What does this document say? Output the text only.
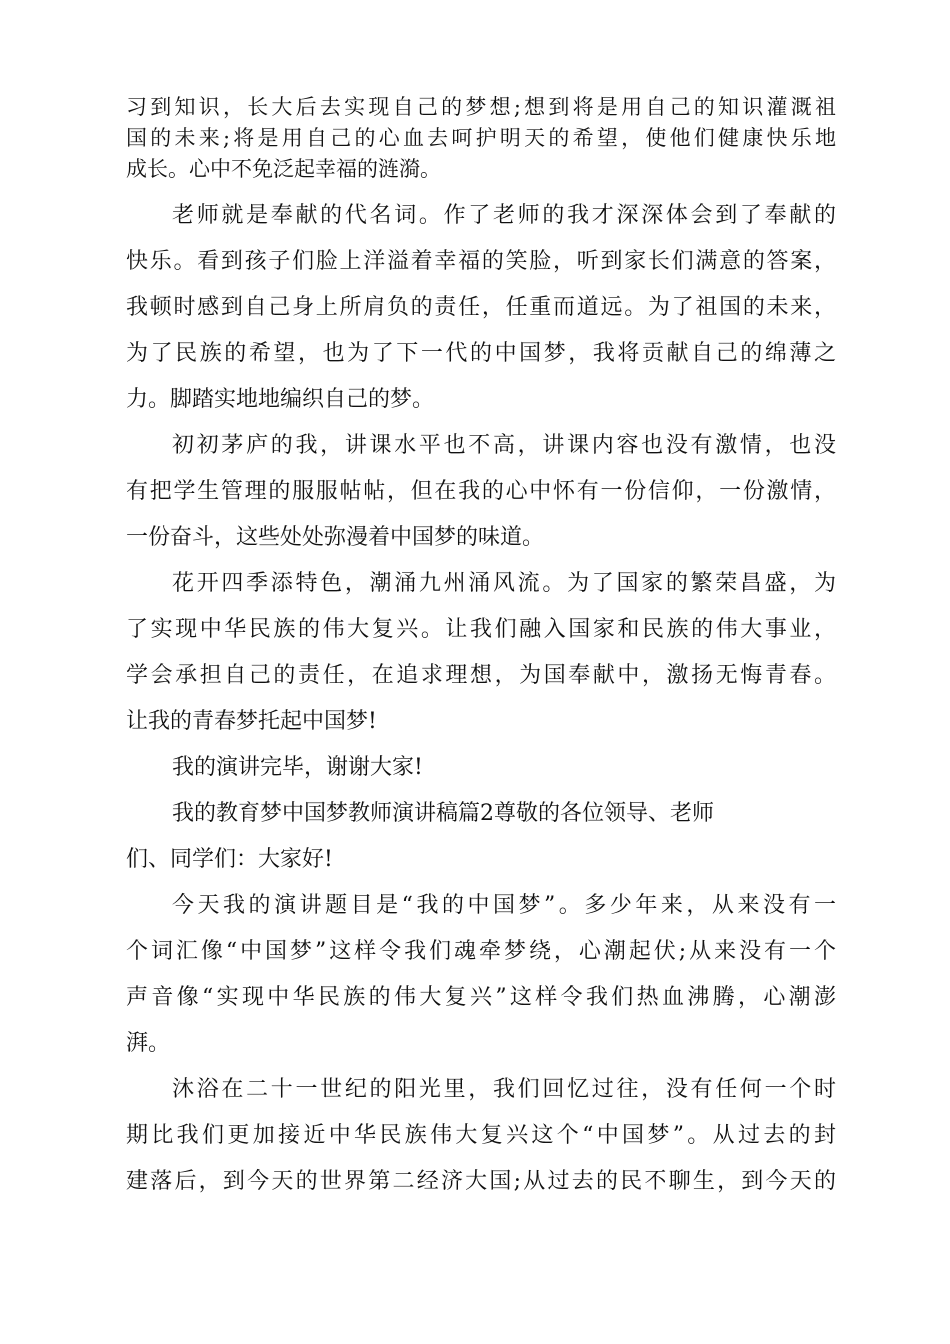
习到知识，长大后去实现自己的梦想;想到将是用自己的知识灌溉祖
国的未来;将是用自己的心血去呵护明天的希望，使他们健康快乐地
成长。心中不免泛起幸福的涟漪。
老师就是奉献的代名词。作了老师的我才深深体会到了奉献的
快乐。看到孩子们脸上洋溢着幸福的笑脸，听到家长们满意的答案，
我顿时感到自己身上所肩负的责任，任重而道远。为了祖国的未来，
为了民族的希望，也为了下一代的中国梦，我将贡献自己的绵薄之
力。脚踏实地地编织自己的梦。
初初茅庐的我，讲课水平也不高，讲课内容也没有激情，也没
有把学生管理的服服帖帖，但在我的心中怀有一份信仰，一份激情，
一份奋斗，这些处处弥漫着中国梦的味道。
花开四季添特色，潮涌九州涌风流。为了国家的繁荣昌盛，为
了实现中华民族的伟大复兴。让我们融入国家和民族的伟大事业，
学会承担自己的责任，在追求理想，为国奉献中，激扬无悔青春。
让我的青春梦托起中国梦!
我的演讲完毕，谢谢大家!
我的教育梦中国梦教师演讲稿篇2尊敬的各位领导、老师
们、同学们：大家好!
今天我的演讲题目是“我的中国梦”。多少年来，从来没有一
个词汇像“中国梦”这样令我们魂牵梦绕，心潮起伏;从来没有一个
声音像“实现中华民族的伟大复兴”这样令我们热血沸腾，心潮澎
湃。
沐浴在二十一世纪的阳光里，我们回忆过往，没有任何一个时
期比我们更加接近中华民族伟大复兴这个“中国梦”。从过去的封
建落后，到今天的世界第二经济大国;从过去的民不聊生，到今天的
